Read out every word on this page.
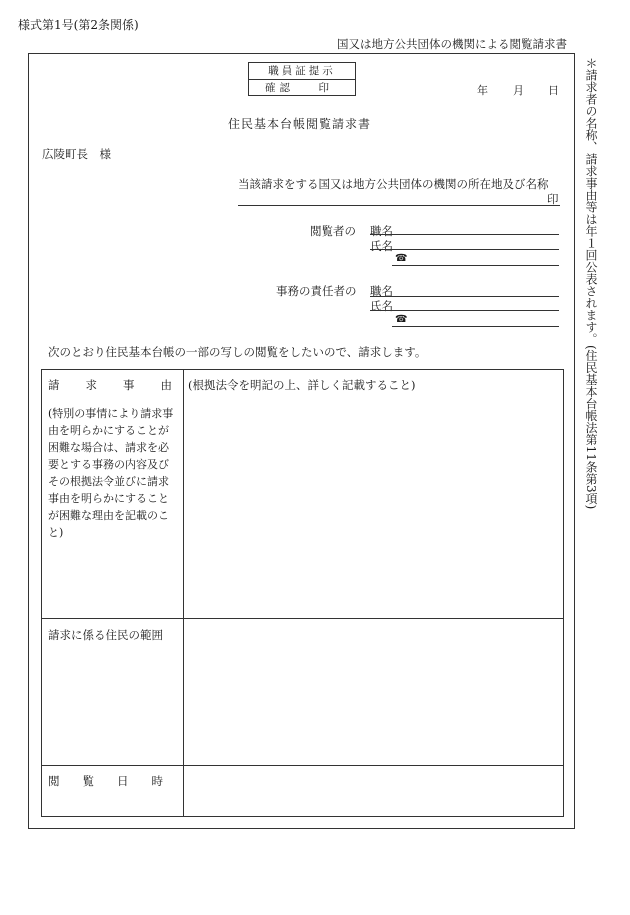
様式第1号(第2条関係)
国又は地方公共団体の機関による閲覧請求書
職員証提示
確認 印	年 月 日
住民基本台帳閲覧請求書
広陵町長　様
当該請求をする国又は地方公共団体の機関の所在地及び名称
印
閲覧者の 職名
氏名
☎
事務の責任者の 職名
氏名
☎
次のとおり住民基本台帳の一部の写しの閲覧をしたいので、請求します。
請求事由
(特別の事情により請求事由を明らかにすることが困難な場合は、請求を必要とする事務の内容及びその根拠法令並びに請求事由を明らかにすることが困難な理由を記載のこと)
(根拠法令を明記の上、詳しく記載すること)
請求に係る住民の範囲
閲覧日時
＊請求者の名称、請求事由等は年１回公表されます。(住民基本台帳法第11条第3項)
